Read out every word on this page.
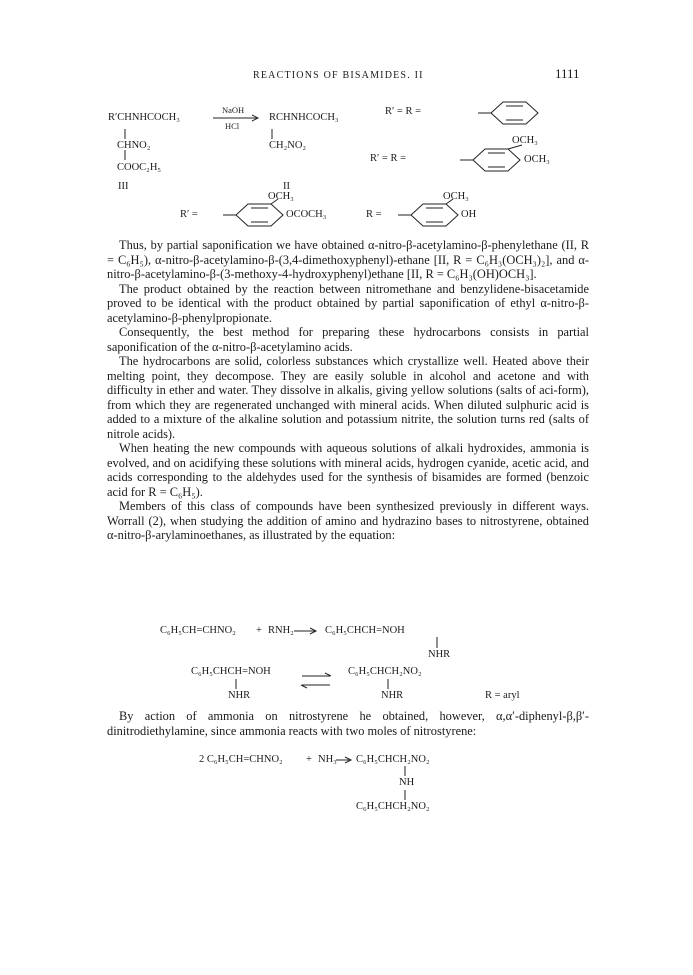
REACTIONS OF BISAMIDES. II	1111
R′CHNHCOCH₃
NaOH
HCl
RCHNHCOCH₃
CHNO₂	CH₂NO₂
COOC₂H₅
III	II
R′ = R =
OCH₃
R′ = R =	OCH₃
OCH₃
R′ =	OCOCH₃
OCH₃
R =	OH

Thus, by partial saponification we have obtained α-nitro-β-acetylamino-β-phenylethane (II, R = C₆H₅), α-nitro-β-acetylamino-β-(3,4-dimethoxyphenyl)-ethane [II, R = C₆H₃(OCH₃)₂], and α-nitro-β-acetylamino-β-(3-methoxy-4-hydroxyphenyl)ethane [II, R = C₆H₃(OH)OCH₃].

The product obtained by the reaction between nitromethane and benzylidene-bisacetamide proved to be identical with the product obtained by partial saponification of ethyl α-nitro-β-acetylamino-β-phenylpropionate.

Consequently, the best method for preparing these hydrocarbons consists in partial saponification of the α-nitro-β-acetylamino acids.

The hydrocarbons are solid, colorless substances which crystallize well. Heated above their melting point, they decompose. They are easily soluble in alcohol and acetone and with difficulty in ether and water. They dissolve in alkalis, giving yellow solutions (salts of aci-form), from which they are regenerated unchanged with mineral acids. When diluted sulphuric acid is added to a mixture of the alkaline solution and potassium nitrite, the solution turns red (salts of nitrole acids).

When heating the new compounds with aqueous solutions of alkali hydroxides, ammonia is evolved, and on acidifying these solutions with mineral acids, hydrogen cyanide, acetic acid, and acids corresponding to the aldehydes used for the synthesis of bisamides are formed (benzoic acid for R = C₆H₅).

Members of this class of compounds have been synthesized previously in different ways. Worrall (2), when studying the addition of amino and hydrazino bases to nitrostyrene, obtained α-nitro-β-arylaminoethanes, as illustrated by the equation:

C₆H₅CH=CHNO₂ + RNH₂	C₆H₅CHCH=NOH
NHR
C₆H₅CHCH=NOH
NHR
C₆H₅CHCH₂NO₂
NHR	R = aryl

By action of ammonia on nitrostyrene he obtained, however, α,α′-diphenyl-β,β′-dinitrodiethylamine, since ammonia reacts with two moles of nitrostyrene:

2 C₆H₅CH=CHNO₂ + NH₃ C₆H₅CHCH₂NO₂
NH
C₆H₅CHCH₂NO₂
